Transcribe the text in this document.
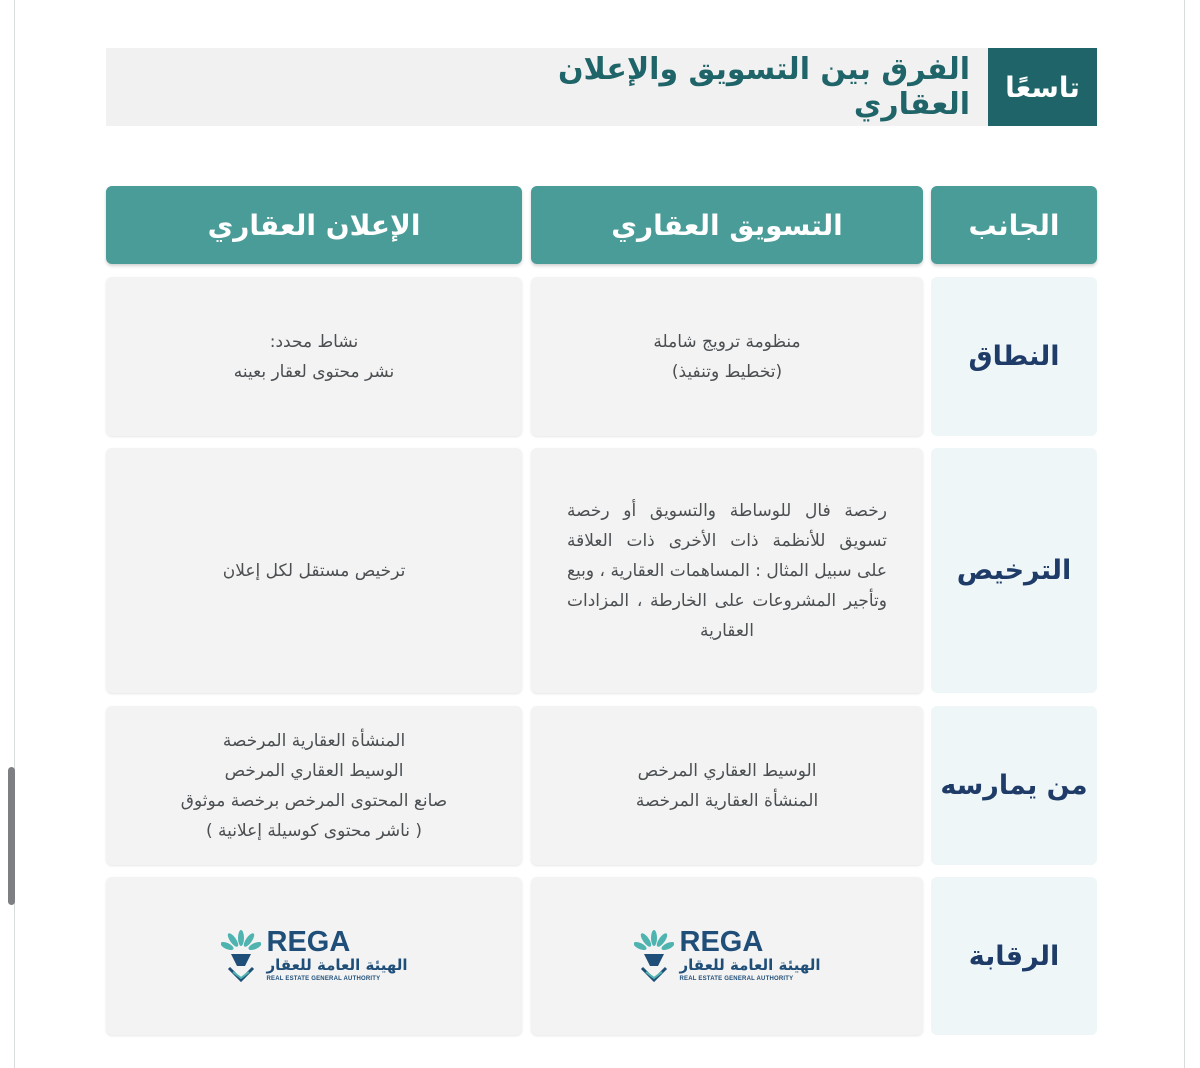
تاسعًا
الفرق بين التسويق والإعلان العقاري
الجانب
التسويق العقاري
الإعلان العقاري
النطاق
منظومة ترويج شاملة
(تخطيط وتنفيذ)
نشاط محدد:
نشر محتوى لعقار بعينه
الترخيص
رخصة فال للوساطة والتسويق أو رخصة
تسويق للأنظمة ذات الأخرى ذات العلاقة
على سبيل المثال : المساهمات العقارية ، وبيع
وتأجير المشروعات على الخارطة ، المزادات
العقارية
ترخيص مستقل لكل إعلان
من يمارسه
الوسيط العقاري المرخص
المنشأة العقارية المرخصة
المنشأة العقارية المرخصة
الوسيط العقاري المرخص
صانع المحتوى المرخص برخصة موثوق
( ناشر محتوى كوسيلة إعلانية )
الرقابة
REGA
الهيئة العامة للعقار
REAL ESTATE GENERAL AUTHORITY
REGA
الهيئة العامة للعقار
REAL ESTATE GENERAL AUTHORITY
